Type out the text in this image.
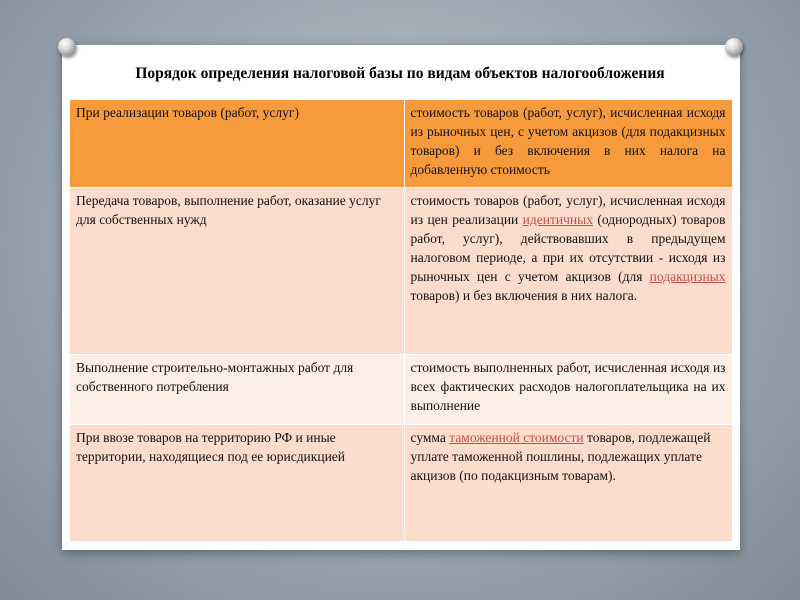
Порядок определения налоговой базы по видам объектов налогообложения
При реализации товаров (работ, услуг)	стоимость товаров (работ, услуг), исчисленная исходя из рыночных цен, с учетом акцизов (для подакцизных товаров) и без включения в них налога на добавленную стоимость
Передача товаров, выполнение работ, оказание услуг для собственных нужд	стоимость товаров (работ, услуг), исчисленная исходя из цен реализации идентичных (однородных) товаров работ, услуг), действовавших в предыдущем налоговом периоде, а при их отсутствии - исходя из рыночных цен с учетом акцизов (для подакцизных товаров) и без включения в них налога.
Выполнение строительно-монтажных работ для собственного потребления	стоимость выполненных работ, исчисленная исходя из всех фактических расходов налогоплательщика на их выполнение
При ввозе товаров на территорию РФ и иные территории, находящиеся под ее юрисдикцией	сумма таможенной стоимости товаров, подлежащей уплате таможенной пошлины, подлежащих уплате акцизов (по подакцизным товарам).
